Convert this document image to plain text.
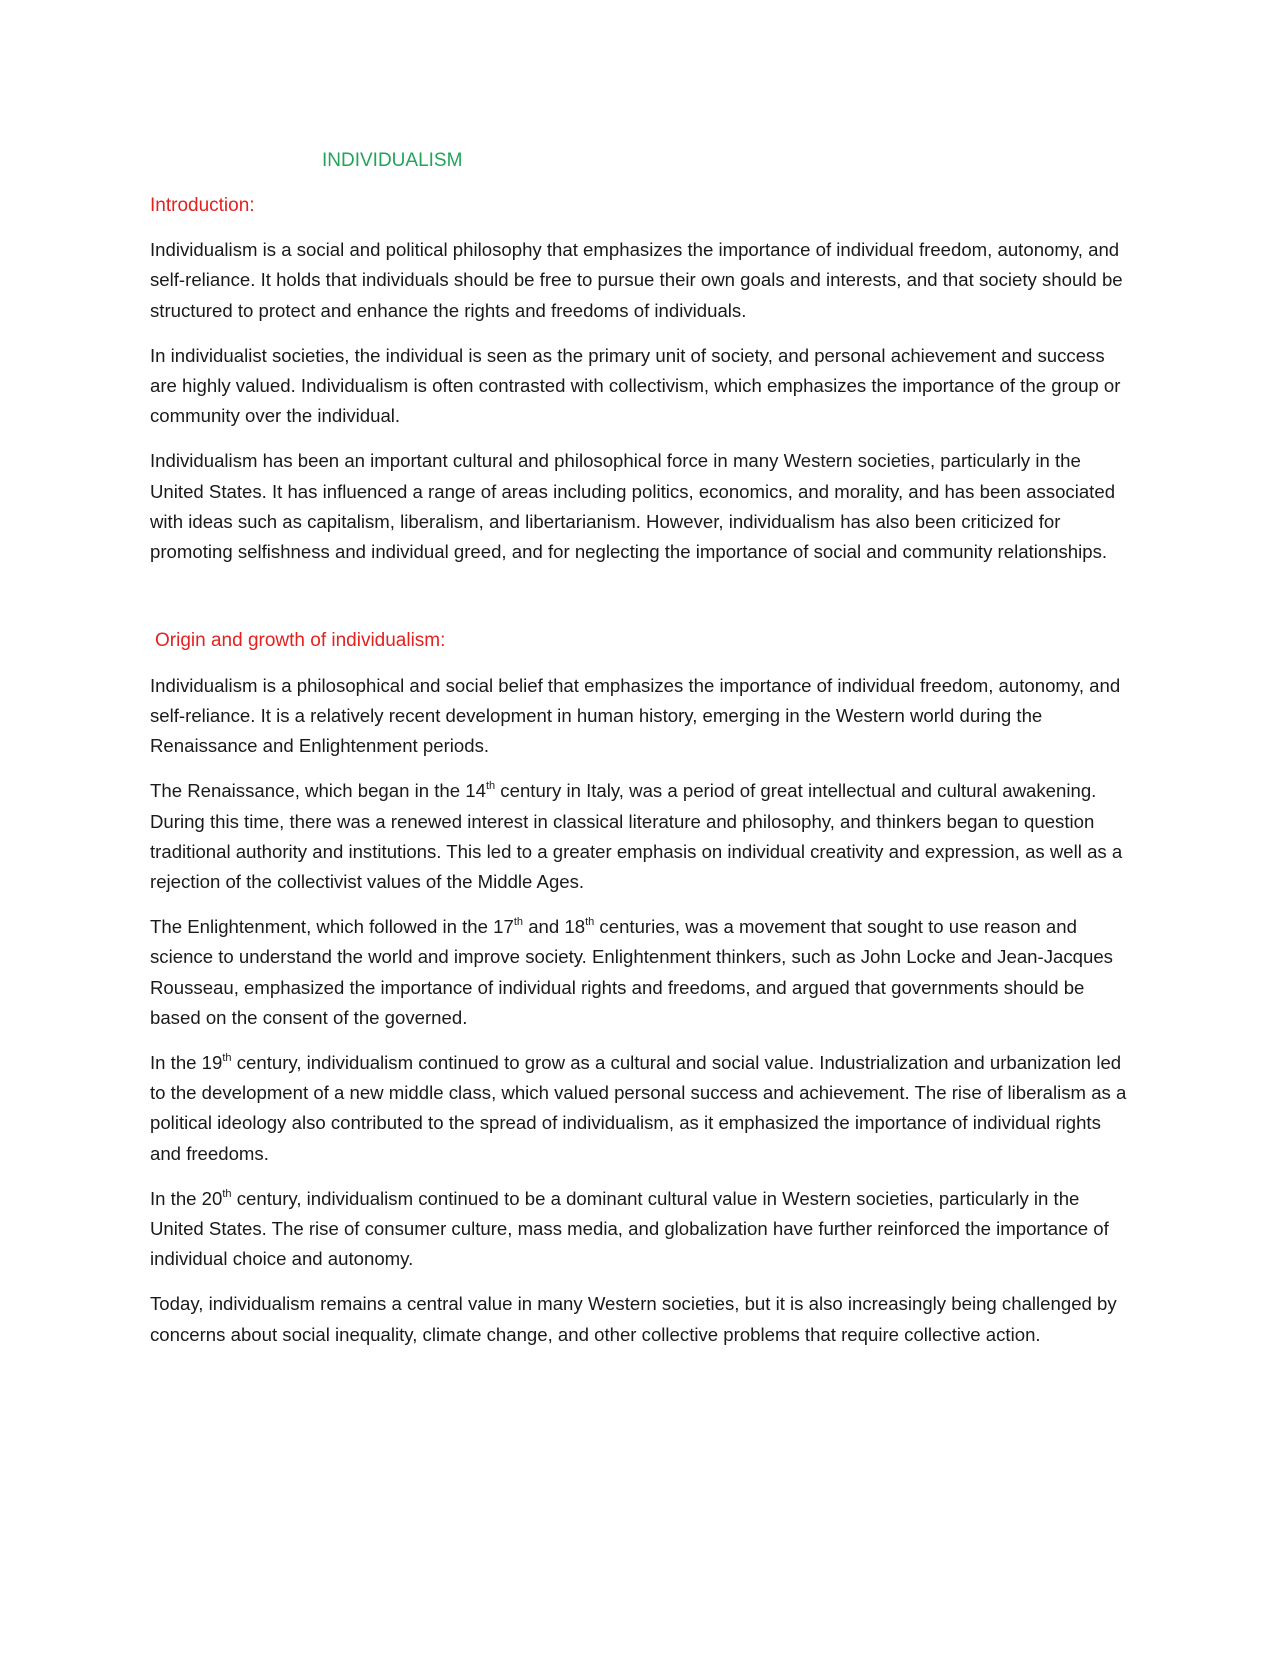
INDIVIDUALISM
Introduction:

Individualism is a social and political philosophy that emphasizes the importance of individual freedom, autonomy, and self-reliance. It holds that individuals should be free to pursue their own goals and interests, and that society should be structured to protect and enhance the rights and freedoms of individuals.

In individualist societies, the individual is seen as the primary unit of society, and personal achievement and success are highly valued. Individualism is often contrasted with collectivism, which emphasizes the importance of the group or community over the individual.

Individualism has been an important cultural and philosophical force in many Western societies, particularly in the United States. It has influenced a range of areas including politics, economics, and morality, and has been associated with ideas such as capitalism, liberalism, and libertarianism. However, individualism has also been criticized for promoting selfishness and individual greed, and for neglecting the importance of social and community relationships.

Origin and growth of individualism:

Individualism is a philosophical and social belief that emphasizes the importance of individual freedom, autonomy, and self-reliance. It is a relatively recent development in human history, emerging in the Western world during the Renaissance and Enlightenment periods.

The Renaissance, which began in the 14th century in Italy, was a period of great intellectual and cultural awakening. During this time, there was a renewed interest in classical literature and philosophy, and thinkers began to question traditional authority and institutions. This led to a greater emphasis on individual creativity and expression, as well as a rejection of the collectivist values of the Middle Ages.

The Enlightenment, which followed in the 17th and 18th centuries, was a movement that sought to use reason and science to understand the world and improve society. Enlightenment thinkers, such as John Locke and Jean-Jacques Rousseau, emphasized the importance of individual rights and freedoms, and argued that governments should be based on the consent of the governed.

In the 19th century, individualism continued to grow as a cultural and social value. Industrialization and urbanization led to the development of a new middle class, which valued personal success and achievement. The rise of liberalism as a political ideology also contributed to the spread of individualism, as it emphasized the importance of individual rights and freedoms.

In the 20th century, individualism continued to be a dominant cultural value in Western societies, particularly in the United States. The rise of consumer culture, mass media, and globalization have further reinforced the importance of individual choice and autonomy.

Today, individualism remains a central value in many Western societies, but it is also increasingly being challenged by concerns about social inequality, climate change, and other collective problems that require collective action.
